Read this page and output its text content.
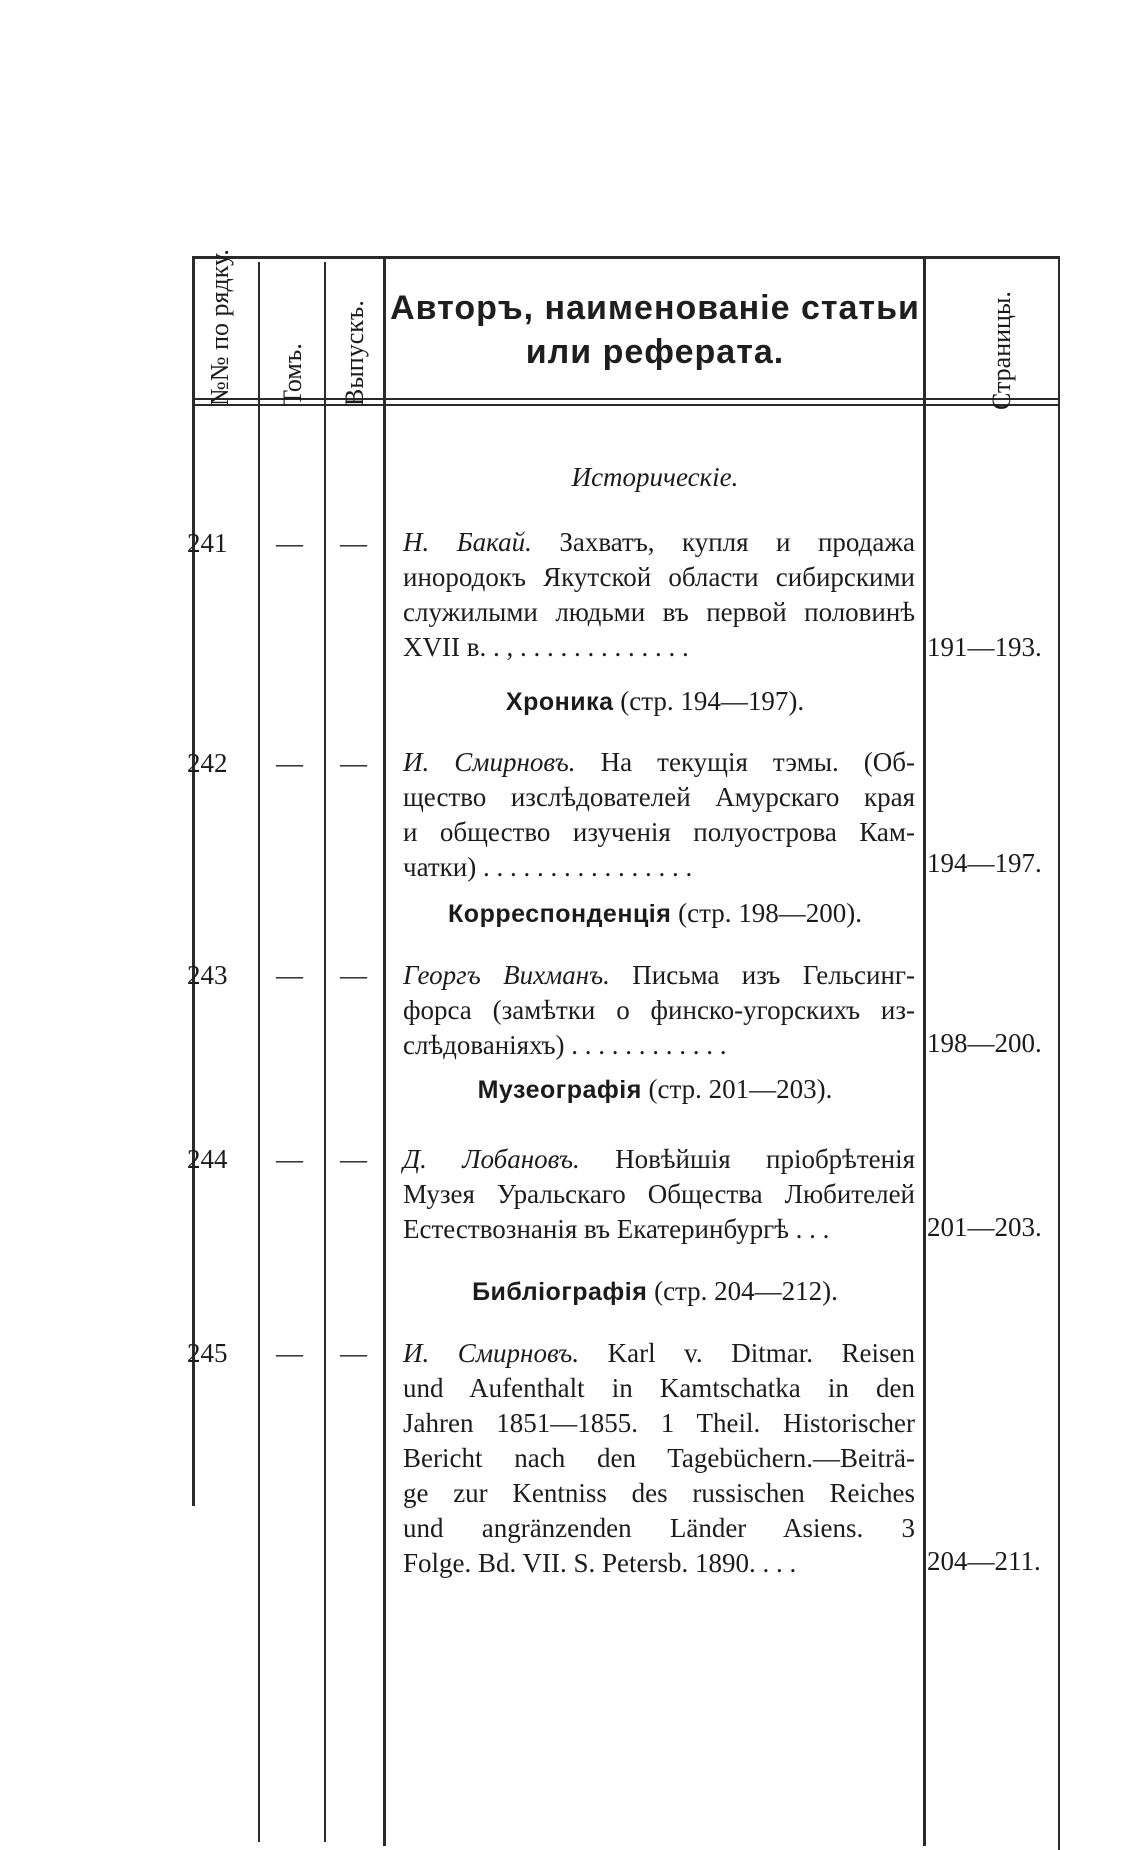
№№ по рядку. Томъ. Выпускъ. Авторъ, наименованіе статьи
или реферата.	Страницы.
Историческіе.
Хроника (стр. 194—197).
Корреспонденція (стр. 198—200).
Музеографія (стр. 201—203).
Библіографія (стр. 204—212).
241 — — Н. Бакай. Захватъ, купля и продажа
инородокъ Якутской области сибирскими
служилыми людьми въ первой половинѣ
XVII в. . , . . . . . . . . . . . . .	191—193.
242 — — И. Смирновъ. На текущія тэмы. (Об-
щество изслѣдователей Амурскаго края
и общество изученія полуострова Кам-
чатки) . . . . . . . . . . . . . . . .	194—197.
243 — — Георгъ Вихманъ. Письма изъ Гельсинг-
форса (замѣтки о финско-угорскихъ из-
слѣдованіяхъ) . . . . . . . . . . . .	198—200.
244 — — Д. Лобановъ. Новѣйшія пріобрѣтенія
Музея Уральскаго Общества Любителей
Естествознанія въ Екатеринбургѣ . . .	201—203.
245 — — И. Смирновъ. Karl v. Ditmar. Reisen
und Aufenthalt in Kamtschatka in den
Jahren 1851—1855. 1 Theil. Historischer
Bericht nach den Tagebüchern.—Beiträ-
ge zur Kentniss des russischen Reiches
und angränzenden Länder Asiens. 3
Folge. Bd. VII. S. Petersb. 1890. . . .	204—211.
